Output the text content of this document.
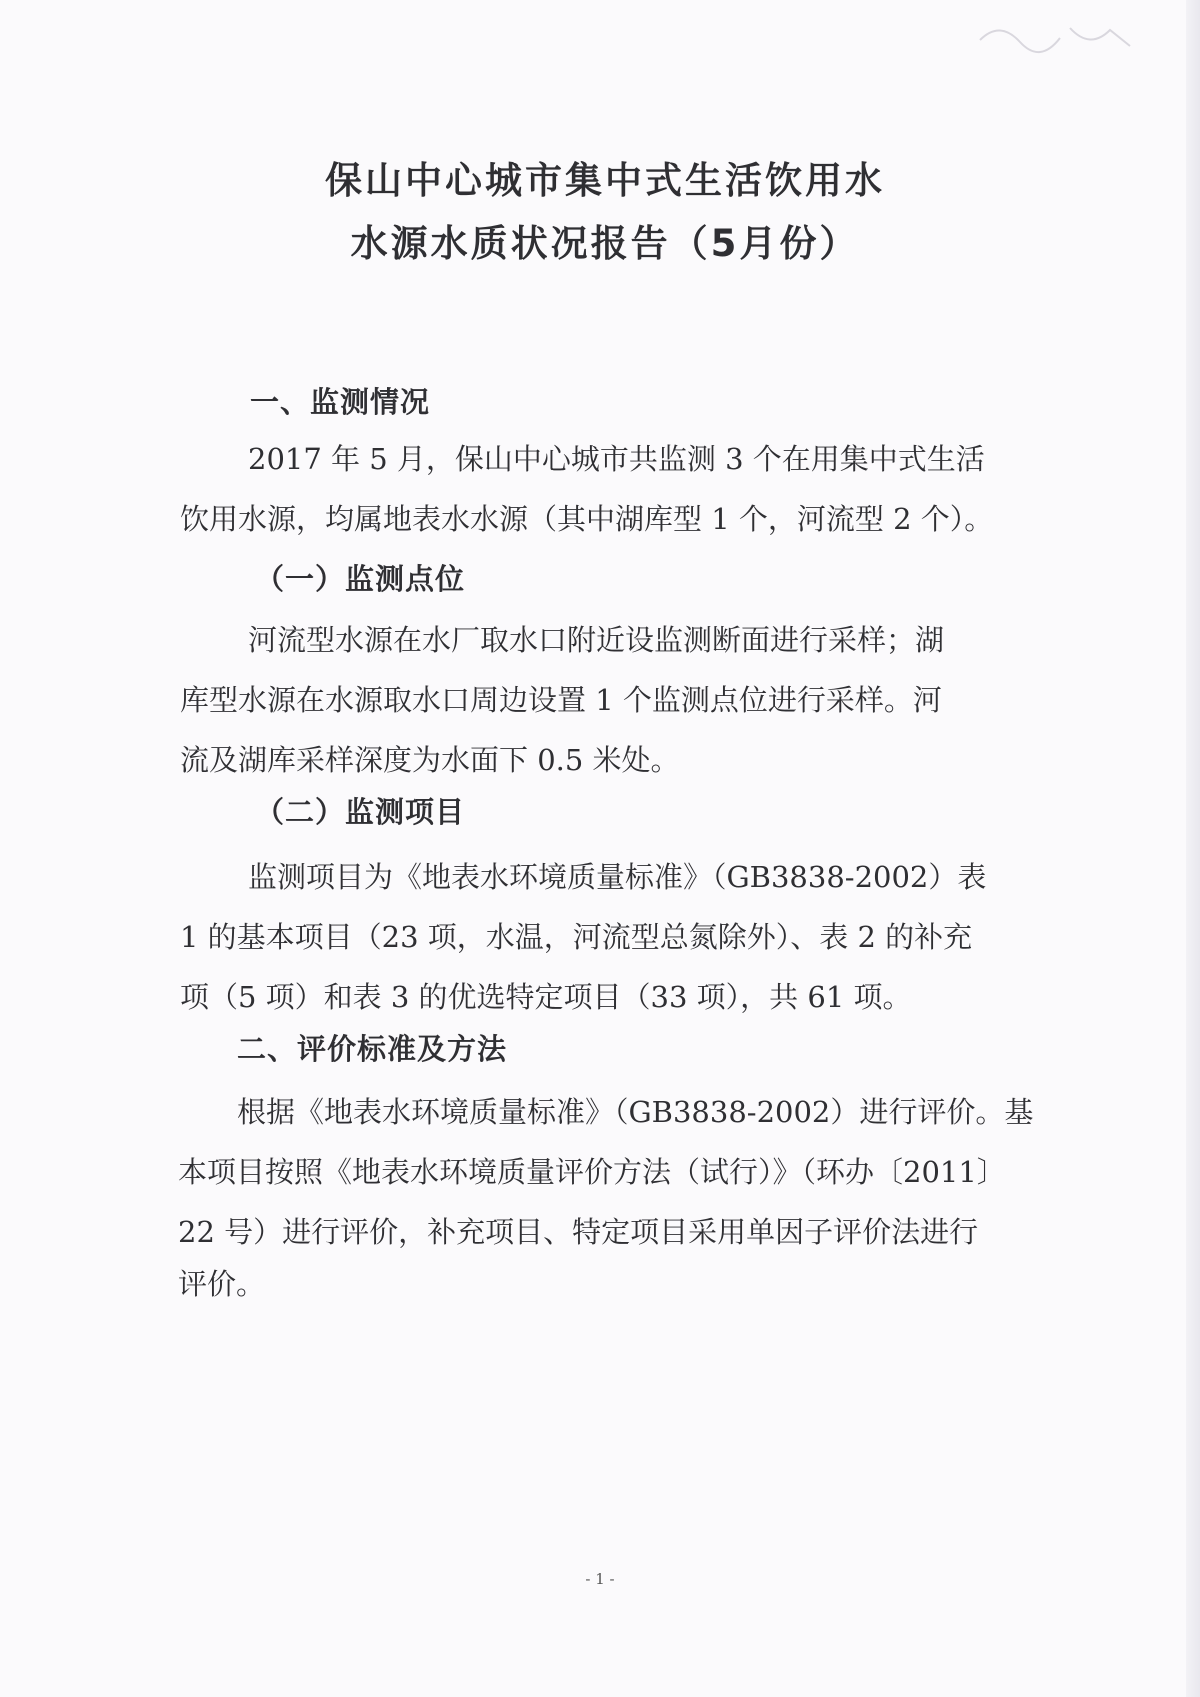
保山中心城市集中式生活饮用水
水源水质状况报告（5月份）
一、监测情况
2017 年 5 月，保山中心城市共监测 3 个在用集中式生活
饮用水源，均属地表水水源（其中湖库型 1 个，河流型 2 个）。
（一）监测点位
河流型水源在水厂取水口附近设监测断面进行采样；湖
库型水源在水源取水口周边设置 1 个监测点位进行采样。河
流及湖库采样深度为水面下 0.5 米处。
（二）监测项目
监测项目为《地表水环境质量标准》（GB3838-2002）表
1 的基本项目（23 项，水温，河流型总氮除外）、表 2 的补充
项（5 项）和表 3 的优选特定项目（33 项），共 61 项。
二、评价标准及方法
根据《地表水环境质量标准》（GB3838-2002）进行评价。基
本项目按照《地表水环境质量评价方法（试行）》（环办〔2011〕
22 号）进行评价，补充项目、特定项目采用单因子评价法进行
评价。
- 1 -
